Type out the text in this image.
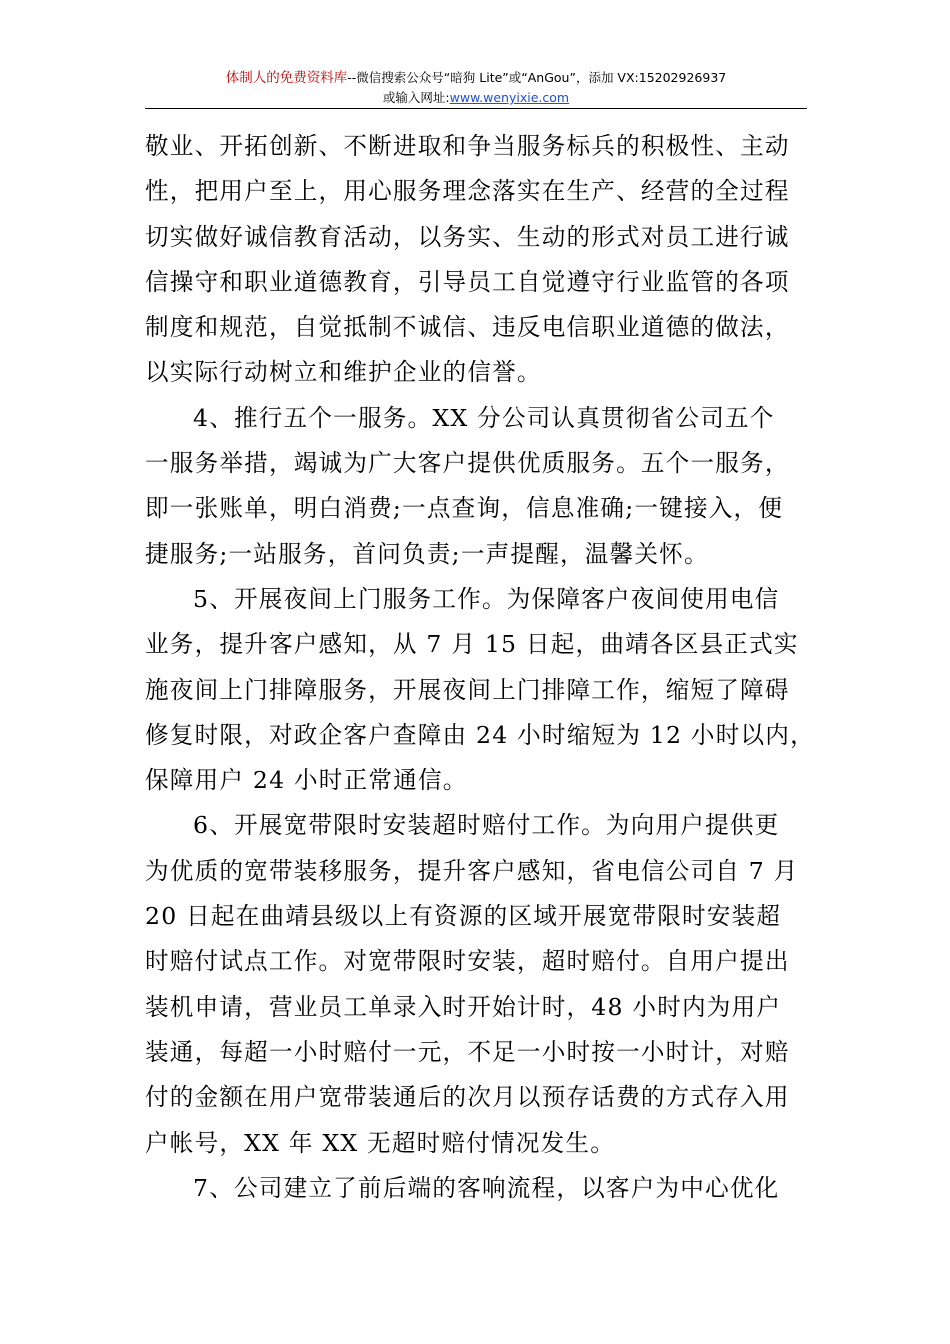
体制人的免费资料库--微信搜索公众号“暗狗 Lite”或“AnGou”，添加 VX:15202926937
或输入网址:www.wenyixie.com

敬业、开拓创新、不断进取和争当服务标兵的积极性、主动
性，把用户至上，用心服务理念落实在生产、经营的全过程
切实做好诚信教育活动，以务实、生动的形式对员工进行诚
信操守和职业道德教育，引导员工自觉遵守行业监管的各项
制度和规范，自觉抵制不诚信、违反电信职业道德的做法，
以实际行动树立和维护企业的信誉。

4、推行五个一服务。XX 分公司认真贯彻省公司五个
一服务举措，竭诚为广大客户提供优质服务。五个一服务，
即一张账单，明白消费;一点查询，信息准确;一键接入，便
捷服务;一站服务，首问负责;一声提醒，温馨关怀。

5、开展夜间上门服务工作。为保障客户夜间使用电信
业务，提升客户感知，从 7 月 15 日起，曲靖各区县正式实
施夜间上门排障服务，开展夜间上门排障工作，缩短了障碍
修复时限，对政企客户查障由 24 小时缩短为 12 小时以内，
保障用户 24 小时正常通信。

6、开展宽带限时安装超时赔付工作。为向用户提供更
为优质的宽带装移服务，提升客户感知，省电信公司自 7 月
20 日起在曲靖县级以上有资源的区域开展宽带限时安装超
时赔付试点工作。对宽带限时安装，超时赔付。自用户提出
装机申请，营业员工单录入时开始计时，48 小时内为用户
装通，每超一小时赔付一元，不足一小时按一小时计，对赔
付的金额在用户宽带装通后的次月以预存话费的方式存入用
户帐号，XX 年 XX 无超时赔付情况发生。

7、公司建立了前后端的客响流程，以客户为中心优化
